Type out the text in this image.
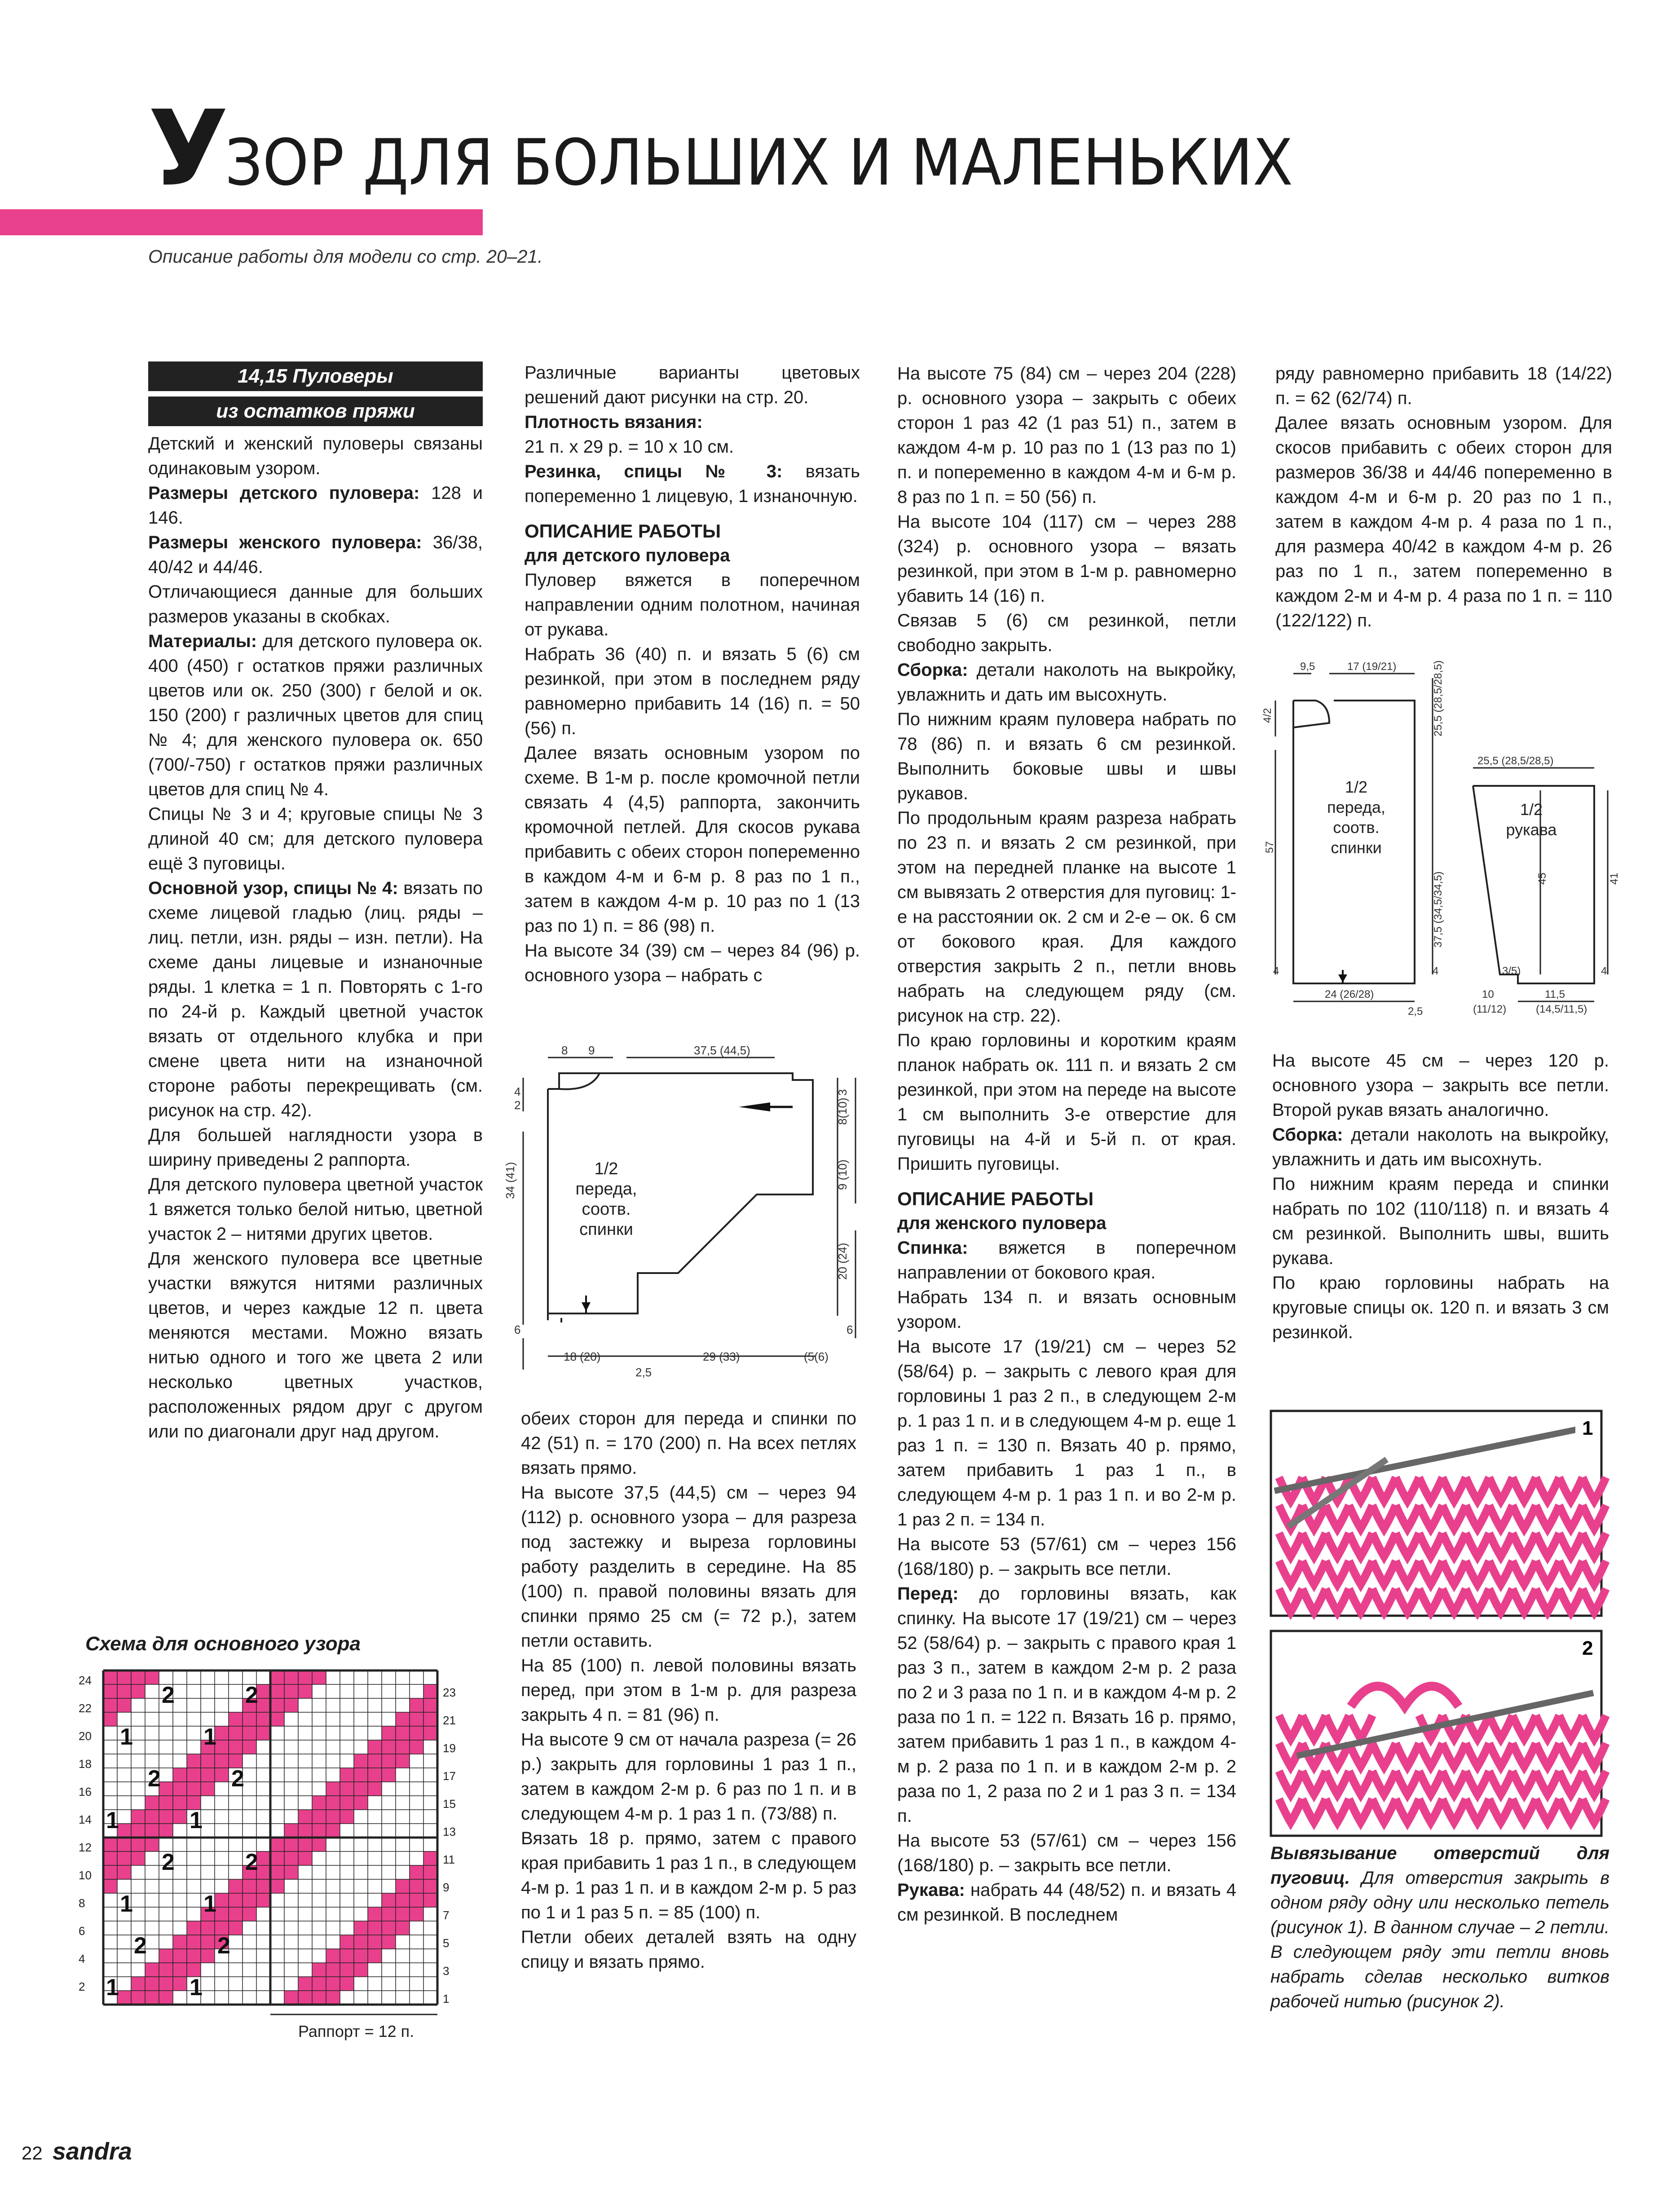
УЗОР ДЛЯ БОЛЬШИХ И МАЛЕНЬКИХ
Описание работы для модели со стр. 20–21.
14,15 Пуловеры
из остатков пряжи

Детский и женский пуловеры связаны одинаковым узором.

Размеры детского пуловера: 128 и 146.

Размеры женского пуловера: 36/38, 40/42 и 44/46.

Отличающиеся данные для больших размеров указаны в скобках.

Материалы: для детского пуловера ок. 400 (450) г остатков пряжи различных цветов или ок. 250 (300) г белой и ок. 150 (200) г различных цветов для спиц № 4; для женского пуловера ок. 650 (700/-750) г остатков пряжи различных цветов для спиц № 4.

Спицы № 3 и 4; круговые спицы № 3 длиной 40 см; для детского пуловера ещё 3 пуговицы.

Основной узор, спицы № 4: вязать по схеме лицевой гладью (лиц. ряды – лиц. петли, изн. ряды – изн. петли). На схеме даны лицевые и изнаночные ряды. 1 клетка = 1 п. Повторять с 1-го по 24-й р. Каждый цветной участок вязать от отдельного клубка и при смене цвета нити на изнаночной стороне работы перекрещивать (см. рисунок на стр. 42).

Для большей наглядности узора в ширину приведены 2 раппорта.

Для детского пуловера цветной участок 1 вяжется только белой нитью, цветной участок 2 – нитями других цветов.

Для женского пуловера все цветные участки вяжутся нитями различных цветов, и через каждые 12 п. цвета меняются местами. Можно вязать нитью одного и того же цвета 2 или несколько цветных участков, расположенных рядом друг с другом или по диагонали друг над другом.

Различные варианты цветовых решений дают рисунки на стр. 20.

Плотность вязания:

21 п. х 29 р. = 10 х 10 см.

Резинка, спицы № 3: вязать попеременно 1 лицевую, 1 изнаночную.

ОПИСАНИЕ РАБОТЫ

для детского пуловера

Пуловер вяжется в поперечном направлении одним полотном, начиная от рукава.

Набрать 36 (40) п. и вязать 5 (6) см резинкой, при этом в последнем ряду равномерно прибавить 14 (16) п. = 50 (56) п.

Далее вязать основным узором по схеме. В 1-м р. после кромочной петли связать 4 (4,5) раппорта, закончить кромочной петлей. Для скосов рукава прибавить с обеих сторон попеременно в каждом 4-м и 6-м р. 8 раз по 1 п., затем в каждом 4-м р. 10 раз по 1 (13 раз по 1) п. = 86 (98) п.

На высоте 34 (39) см – через 84 (96) р. основного узора – набрать с

обеих сторон для переда и спинки по 42 (51) п. = 170 (200) п. На всех петлях вязать прямо.

На высоте 37,5 (44,5) см – через 94 (112) р. основного узора – для разреза под застежку и выреза горловины работу разделить в середине. На 85 (100) п. правой половины вязать для спинки прямо 25 см (= 72 р.), затем петли оставить.

На 85 (100) п. левой половины вязать перед, при этом в 1-м р. для разреза закрыть 4 п. = 81 (96) п.

На высоте 9 см от начала разреза (= 26 р.) закрыть для горловины 1 раз 1 п., затем в каждом 2-м р. 6 раз по 1 п. и в следующем 4-м р. 1 раз 1 п. (73/88) п.

Вязать 18 р. прямо, затем с правого края прибавить 1 раз 1 п., в следующем 4-м р. 1 раз 1 п. и в каждом 2-м р. 5 раз по 1 и 1 раз 5 п. = 85 (100) п.

Петли обеих деталей взять на одну спицу и вязать прямо.

На высоте 75 (84) см – через 204 (228) р. основного узора – закрыть с обеих сторон 1 раз 42 (1 раз 51) п., затем в каждом 4-м р. 10 раз по 1 (13 раз по 1) п. и попеременно в каждом 4-м и 6-м р. 8 раз по 1 п. = 50 (56) п.

На высоте 104 (117) см – через 288 (324) р. основного узора – вязать резинкой, при этом в 1-м р. равномерно убавить 14 (16) п.

Связав 5 (6) см резинкой, петли свободно закрыть.

Сборка: детали наколоть на выкройку, увлажнить и дать им высохнуть.

По нижним краям пуловера набрать по 78 (86) п. и вязать 6 см резинкой. Выполнить боковые швы и швы рукавов.

По продольным краям разреза набрать по 23 п. и вязать 2 см резинкой, при этом на передней планке на высоте 1 см вывязать 2 отверстия для пуговиц: 1-е на расстоянии ок. 2 см и 2-е – ок. 6 см от бокового края. Для каждого отверстия закрыть 2 п., петли вновь набрать на следующем ряду (см. рисунок на стр. 22).

По краю горловины и коротким краям планок набрать ок. 111 п. и вязать 2 см резинкой, при этом на переде на высоте 1 см выполнить 3-е отверстие для пуговицы на 4-й и 5-й п. от края. Пришить пуговицы.

ОПИСАНИЕ РАБОТЫ

для женского пуловера

Спинка: вяжется в поперечном направлении от бокового края.

Набрать 134 п. и вязать основным узором.

На высоте 17 (19/21) см – через 52 (58/64) р. – закрыть с левого края для горловины 1 раз 2 п., в следующем 2-м р. 1 раз 1 п. и в следующем 4-м р. еще 1 раз 1 п. = 130 п. Вязать 40 р. прямо, затем прибавить 1 раз 1 п., в следующем 4-м р. 1 раз 1 п. и во 2-м р. 1 раз 2 п. = 134 п.

На высоте 53 (57/61) см – через 156 (168/180) р. – закрыть все петли.

Перед: до горловины вязать, как спинку. На высоте 17 (19/21) см – через 52 (58/64) р. – закрыть с правого края 1 раз 3 п., затем в каждом 2-м р. 2 раза по 2 и 3 раза по 1 п. и в каждом 4-м р. 2 раза по 1 п. = 122 п. Вязать 16 р. прямо, затем прибавить 1 раз 1 п., в каждом 4-м р. 2 раза по 1 п. и в каждом 2-м р. 2 раза по 1, 2 раза по 2 и 1 раз 3 п. = 134 п.

На высоте 53 (57/61) см – через 156 (168/180) р. – закрыть все петли.

Рукава: набрать 44 (48/52) п. и вязать 4 см резинкой. В последнем

ряду равномерно прибавить 18 (14/22) п. = 62 (62/74) п.

Далее вязать основным узором. Для скосов прибавить с обеих сторон для размеров 36/38 и 44/46 попеременно в каждом 4-м и 6-м р. 20 раз по 1 п., затем в каждом 4-м р. 4 раза по 1 п., для размера 40/42 в каждом 4-м р. 26 раз по 1 п., затем попеременно в каждом 2-м и 4-м р. 4 раза по 1 п. = 110 (122/122) п.

На высоте 45 см – через 120 р. основного узора – закрыть все петли. Второй рукав вязать аналогично.

Сборка: детали наколоть на выкройку, увлажнить и дать им высохнуть.

По нижним краям переда и спинки набрать по 102 (110/118) п. и вязать 4 см резинкой. Выполнить швы, вшить рукава.

По краю горловины набрать на круговые спицы ок. 120 п. и вязать 3 см резинкой.

Вывязывание отверстий для пуговиц. Для отверстия закрыть в одном ряду одну или несколько петель (рисунок 1). В данном случае – 2 петли. В следующем ряду эти петли вновь набрать сделав несколько витков рабочей нитью (рисунок 2).

Схема для основного узора
24
22
20
18
16
14
12
10
8
6
4
2
23
21
19
17
15
13
11
9
7
5
3
1
2	2
1	1
2	2
1	1
2	2
1	1
2	2
1	1
Раппорт = 12 п.
8 9	37,5 (44,5)
4
2
34 (41)
3
8(10)
9 (10)
20 (24)
6	6
18 (20)
2,5
29 (33)	(5(6)
1/2
переда,
соотв.
спинки
9,5	17 (19/21)
4/2	25,5 (28,5/28,5)
57
37,5 (34,5/34,5)
4	4
24 (26/28)
2,5
25,5 (28,5/28,5)
45	41
3/5)	4
10	11,5
(11/12)	(14,5/11,5)
1/2
переда,
соотв.
спинки
1/2
рукава
1
2
22 sandra
